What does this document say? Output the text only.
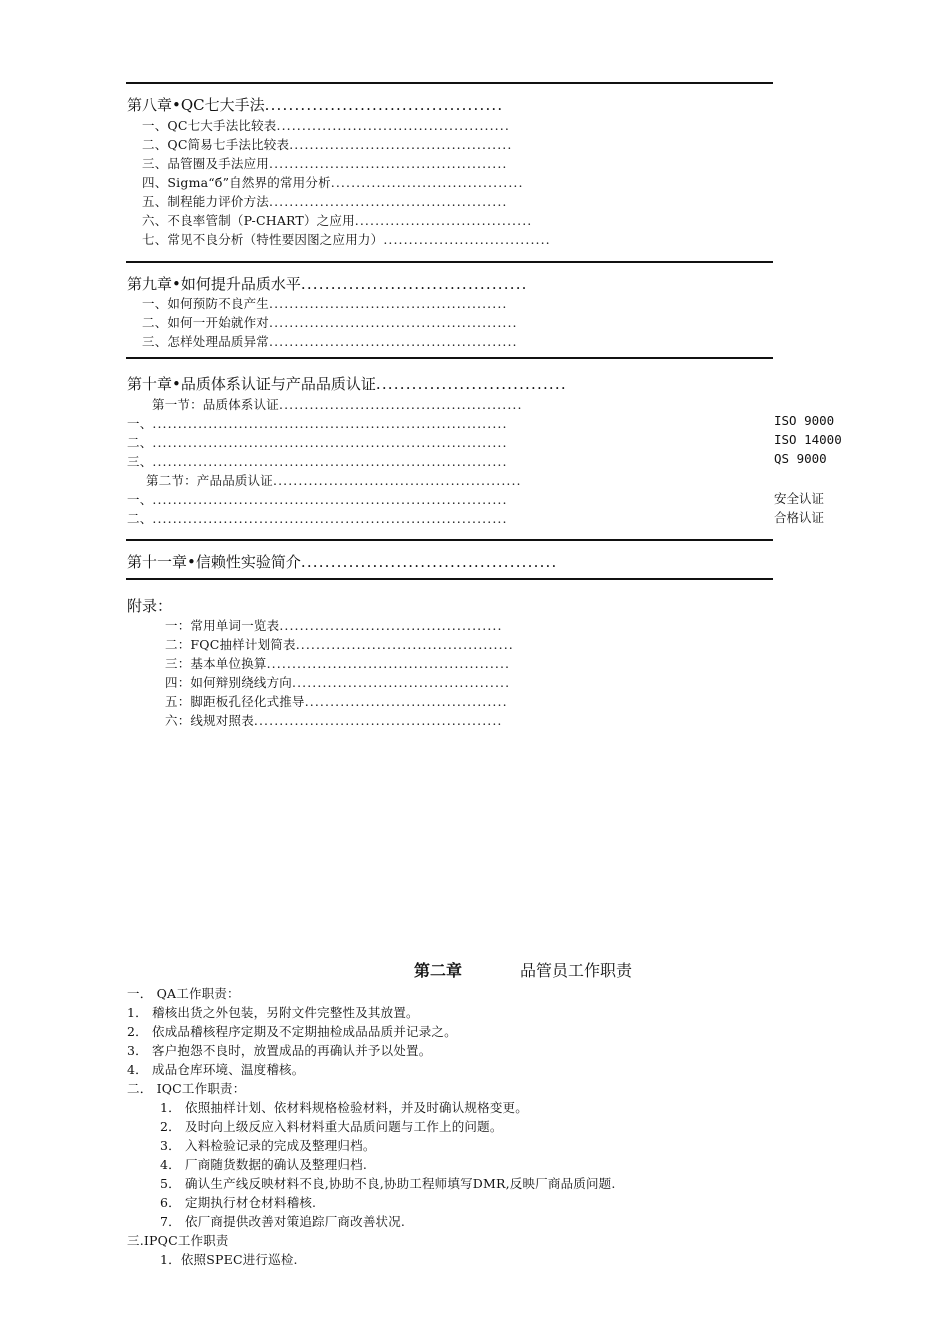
第八章•QC七大手法........................................
一、QC七大手法比较表..............................................
二、QC简易七手法比较表............................................
三、品管圈及手法应用...............................................
四、Sigma“б”自然界的常用分析......................................
五、制程能力评价方法...............................................
六、不良率管制（P-CHART）之应用...................................
七、常见不良分析（特性要因图之应用力）.................................
第九章•如何提升品质水平......................................
一、如何预防不良产生...............................................
二、如何一开始就作对.................................................
三、怎样处理品质异常.................................................
第十章•品质体系认证与产品品质认证................................
第一节：品质体系认证................................................
一、......................................................................	ISO 9000
二、......................................................................	ISO 14000
三、......................................................................	QS 9000
第二节：产品品质认证.................................................
一、......................................................................	安全认证
二、......................................................................	合格认证
第十一章•信赖性实验简介...........................................
附录：
一：常用单词一览表............................................
二：FQC抽样计划简表...........................................
三：基本单位换算................................................
四：如何辩别绕线方向...........................................
五：脚距板孔径化式推导........................................
六：线规对照表.................................................
第二章	品管员工作职责
一． QA工作职责：
1． 稽核出货之外包装，另附文件完整性及其放置。
2． 依成品稽核程序定期及不定期抽检成品品质并记录之。
3． 客户抱怨不良时，放置成品的再确认并予以处置。
4． 成品仓库环境、温度稽核。
二． IQC工作职责：
1． 依照抽样计划、依材料规格检验材料，并及时确认规格变更。
2． 及时向上级反应入料材料重大品质问题与工作上的问题。
3． 入料检验记录的完成及整理归档。
4． 厂商随货数据的确认及整理归档.
5． 确认生产线反映材料不良,协助不良,协助工程师填写DMR,反映厂商品质问题.
6． 定期执行材仓材料稽核.
7． 依厂商提供改善对策追踪厂商改善状况.
三.IPQC工作职责
1．依照SPEC进行巡检.
